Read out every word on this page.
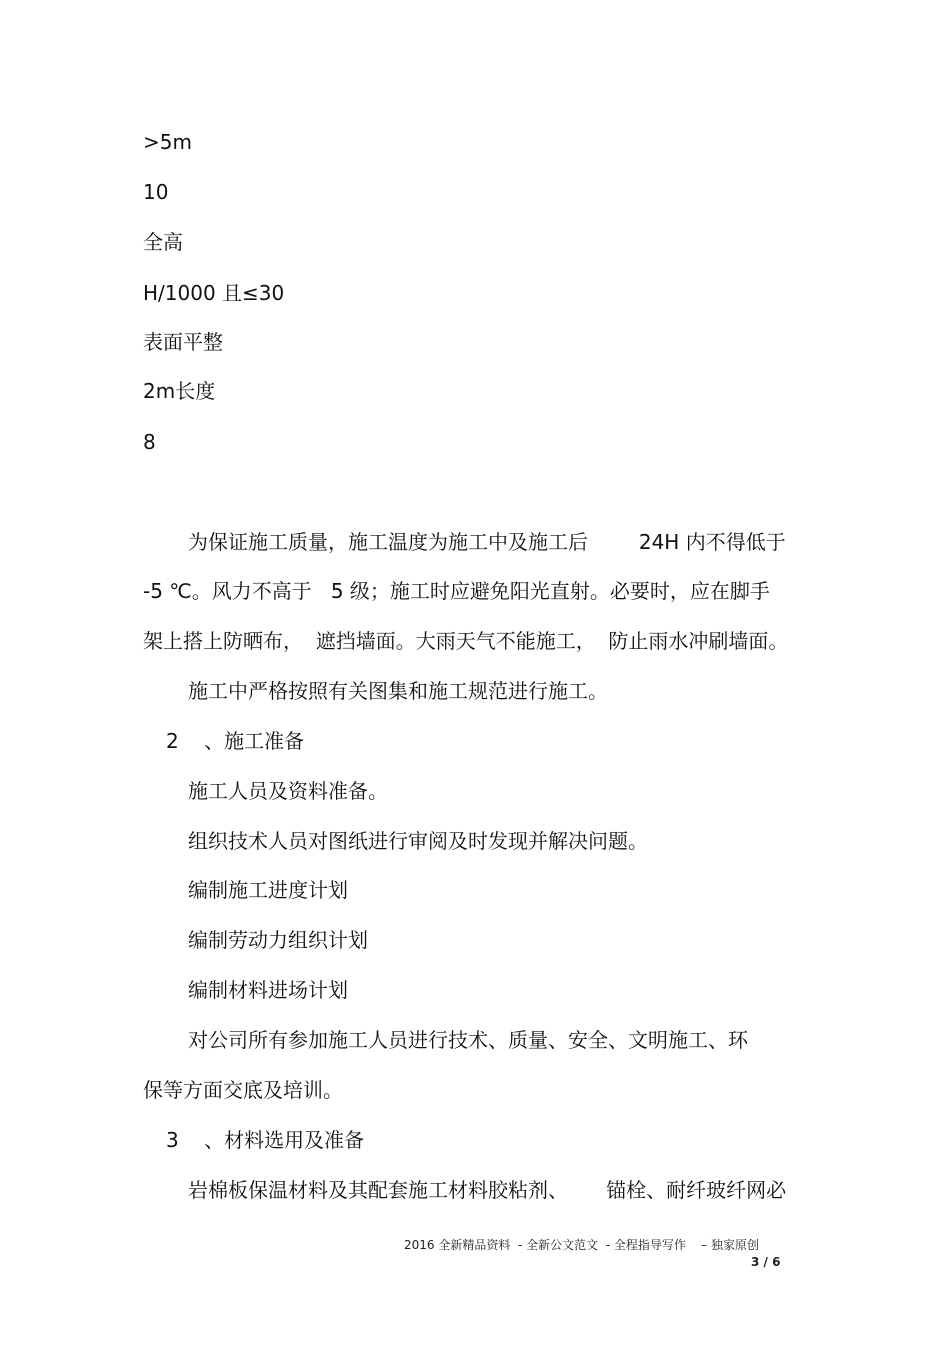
>5m
10
全高
H/1000 且≤30
表面平整
2m长度
8
为保证施工质量，施工温度为施工中及施工后        24H 内不得低于
-5 ℃。风力不高于   5 级；施工时应避免阳光直射。必要时，应在脚手
架上搭上防晒布，  遮挡墙面。大雨天气不能施工，  防止雨水冲刷墙面。
施工中严格按照有关图集和施工规范进行施工。
2    、施工准备
施工人员及资料准备。
组织技术人员对图纸进行审阅及时发现并解决问题。
编制施工进度计划
编制劳动力组织计划
编制材料进场计划
对公司所有参加施工人员进行技术、质量、安全、文明施工、环
保等方面交底及培训。
3    、材料选用及准备
岩棉板保温材料及其配套施工材料胶粘剂、      锚栓、耐纤玻纤网必
2016 全新精品资料  - 全新公文范文  - 全程指导写作    – 独家原创
3 / 6
